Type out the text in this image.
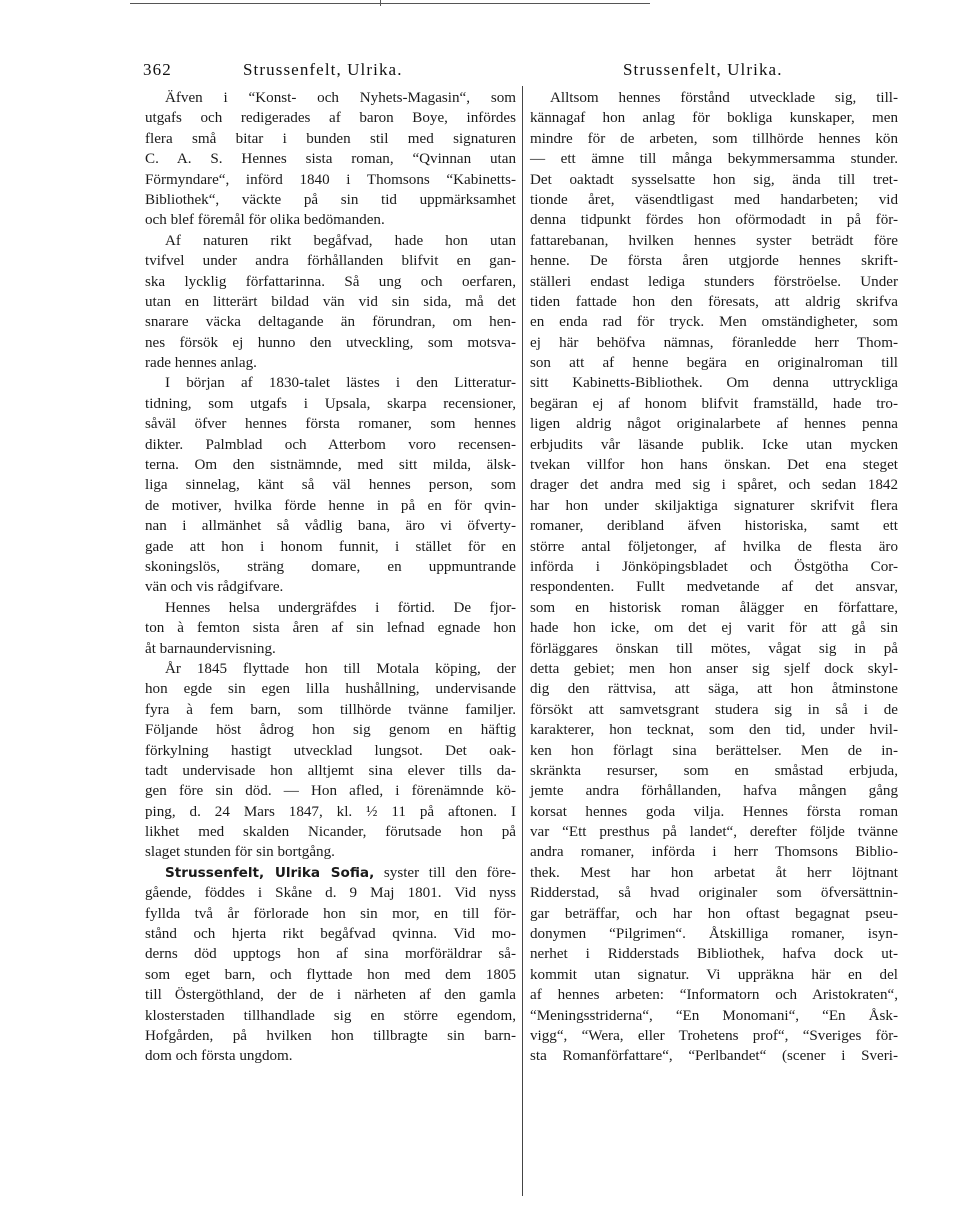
362	Strussenfelt, Ulrika.	Strussenfelt, Ulrika.
Äfven i “Konst- och Nyhets-Magasin“, som
utgafs och redigerades af baron Boye, infördes
flera små bitar i bunden stil med signaturen
C. A. S. Hennes sista roman, “Qvinnan utan
Förmyndare“, införd 1840 i Thomsons “Kabinetts-
Bibliothek“, väckte på sin tid uppmärksamhet
och blef föremål för olika bedömanden.
Af naturen rikt begåfvad, hade hon utan
tvifvel under andra förhållanden blifvit en gan-
ska lycklig författarinna. Så ung och oerfaren,
utan en litterärt bildad vän vid sin sida, må det
snarare väcka deltagande än förundran, om hen-
nes försök ej hunno den utveckling, som motsva-
rade hennes anlag.
I början af 1830-talet lästes i den Litteratur-
tidning, som utgafs i Upsala, skarpa recensioner,
såväl öfver hennes första romaner, som hennes
dikter. Palmblad och Atterbom voro recensen-
terna. Om den sistnämnde, med sitt milda, älsk-
liga sinnelag, känt så väl hennes person, som
de motiver, hvilka förde henne in på en för qvin-
nan i allmänhet så vådlig bana, äro vi öfverty-
gade att hon i honom funnit, i stället för en
skoningslös, sträng domare, en uppmuntrande
vän och vis rådgifvare.
Hennes helsa undergräfdes i förtid. De fjor-
ton à femton sista åren af sin lefnad egnade hon
åt barnaundervisning.
År 1845 flyttade hon till Motala köping, der
hon egde sin egen lilla hushållning, undervisande
fyra à fem barn, som tillhörde tvänne familjer.
Följande höst ådrog hon sig genom en häftig
förkylning hastigt utvecklad lungsot. Det oak-
tadt undervisade hon alltjemt sina elever tills da-
gen före sin död. — Hon afled, i förenämnde kö-
ping, d. 24 Mars 1847, kl. ½ 11 på aftonen. I
likhet med skalden Nicander, förutsade hon på
slaget stunden för sin bortgång.
Strussenfelt, Ulrika Sofia, syster till den före-
gående, föddes i Skåne d. 9 Maj 1801. Vid nyss
fyllda två år förlorade hon sin mor, en till för-
stånd och hjerta rikt begåfvad qvinna. Vid mo-
derns död upptogs hon af sina morföräldrar så-
som eget barn, och flyttade hon med dem 1805
till Östergöthland, der de i närheten af den gamla
klosterstaden tillhandlade sig en större egendom,
Hofgården, på hvilken hon tillbragte sin barn-
dom och första ungdom.
Alltsom hennes förstånd utvecklade sig, till-
kännagaf hon anlag för bokliga kunskaper, men
mindre för de arbeten, som tillhörde hennes kön
— ett ämne till många bekymmersamma stunder.
Det oaktadt sysselsatte hon sig, ända till tret-
tionde året, väsendtligast med handarbeten; vid
denna tidpunkt fördes hon oförmodadt in på för-
fattarebanan, hvilken hennes syster beträdt före
henne. De första åren utgjorde hennes skrift-
ställeri endast lediga stunders förströelse. Under
tiden fattade hon den föresats, att aldrig skrifva
en enda rad för tryck. Men omständigheter, som
ej här behöfva nämnas, föranledde herr Thom-
son att af henne begära en originalroman till
sitt Kabinetts-Bibliothek. Om denna uttryckliga
begäran ej af honom blifvit framställd, hade tro-
ligen aldrig något originalarbete af hennes penna
erbjudits vår läsande publik. Icke utan mycken
tvekan villfor hon hans önskan. Det ena steget
drager det andra med sig i spåret, och sedan 1842
har hon under skiljaktiga signaturer skrifvit flera
romaner, deribland äfven historiska, samt ett
större antal följetonger, af hvilka de flesta äro
införda i Jönköpingsbladet och Östgötha Cor-
respondenten. Fullt medvetande af det ansvar,
som en historisk roman ålägger en författare,
hade hon icke, om det ej varit för att gå sin
förläggares önskan till mötes, vågat sig in på
detta gebiet; men hon anser sig sjelf dock skyl-
dig den rättvisa, att säga, att hon åtminstone
försökt att samvetsgrant studera sig in så i de
karakterer, hon tecknat, som den tid, under hvil-
ken hon förlagt sina berättelser. Men de in-
skränkta resurser, som en småstad erbjuda,
jemte andra förhållanden, hafva mången gång
korsat hennes goda vilja. Hennes första roman
var “Ett presthus på landet“, derefter följde tvänne
andra romaner, införda i herr Thomsons Biblio-
thek. Mest har hon arbetat åt herr löjtnant
Ridderstad, så hvad originaler som öfversättnin-
gar beträffar, och har hon oftast begagnat pseu-
donymen “Pilgrimen“. Åtskilliga romaner, isyn-
nerhet i Ridderstads Bibliothek, hafva dock ut-
kommit utan signatur. Vi uppräkna här en del
af hennes arbeten: “Informatorn och Aristokraten“,
“Meningsstriderna“, “En Monomani“, “En Åsk-
vigg“, “Wera, eller Trohetens prof“, “Sveriges för-
sta Romanförfattare“, “Perlbandet“ (scener i Sveri-
